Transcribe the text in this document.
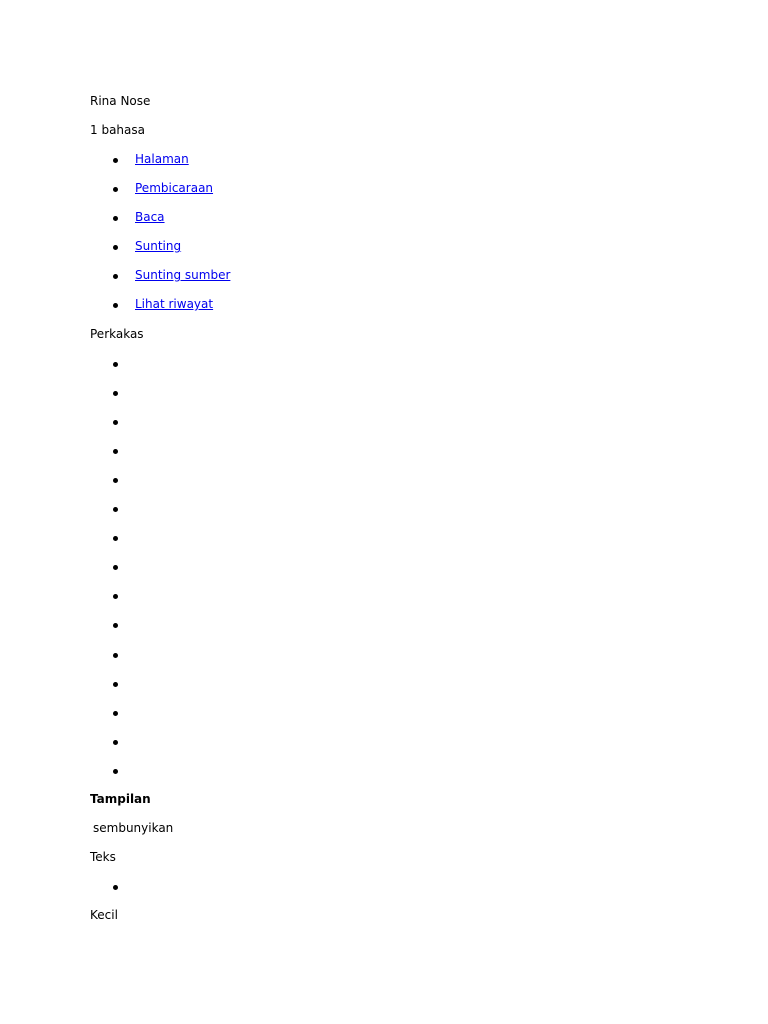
Rina Nose
1 bahasa
Halaman
Pembicaraan
Baca
Sunting
Sunting sumber
Lihat riwayat
Perkakas
Tampilan
sembunyikan
Teks
Kecil
